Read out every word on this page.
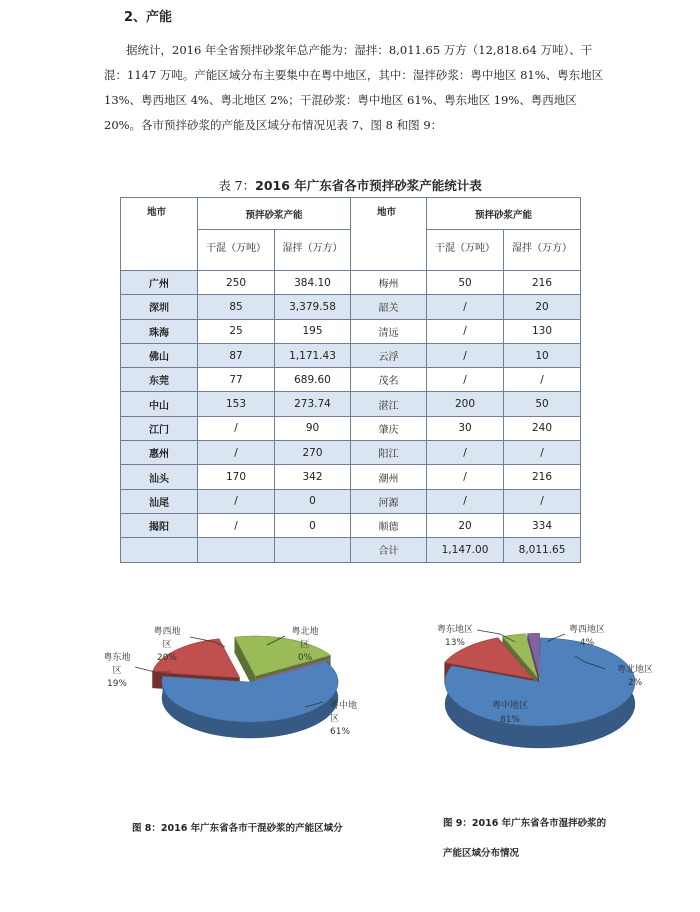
2、产能

据统计，2016 年全省预拌砂浆年总产能为：湿拌：8,011.65 万方（12,818.64 万吨）、干混：1147 万吨。产能区域分布主要集中在粤中地区，其中：湿拌砂浆：粤中地区 81%、粤东地区 13%、粤西地区 4%、粤北地区 2%；干混砂浆：粤中地区 61%、粤东地区 19%、粤西地区 20%。各市预拌砂浆的产能及区域分布情况见表 7、图 8 和图 9：

表 7：2016 年广东省各市预拌砂浆产能统计表
地市	预拌砂浆产能		地市	预拌砂浆产能	
	干混（万吨）	湿拌（万方）		干混（万吨）	湿拌（万方）

广州	250	384.10	梅州	50	216
深圳	85	3,379.58	韶关	/	20
珠海	25	195	清远	/	130
佛山	87	1,171.43	云浮	/	10
东莞	77	689.60	茂名	/	/
中山	153	273.74	湛江	200	50
江门	/	90	肇庆	30	240
惠州	/	270	阳江	/	/
汕头	170	342	潮州	/	216
汕尾	/	0	河源	/	/
揭阳	/	0	顺德	20	334
			合计	1,147.00	8,011.65
粤中地
区
61%
粤东地
区
19%
粤西地
区
20%
粤北地
区
0%
粤中地区
81%
粤东地区
13%
粤西地区
4%
粤北地区
2%
图 8：2016 年广东省各市干混砂浆的产能区域分	图 9：2016 年广东省各市湿拌砂浆的
产能区域分布情况
